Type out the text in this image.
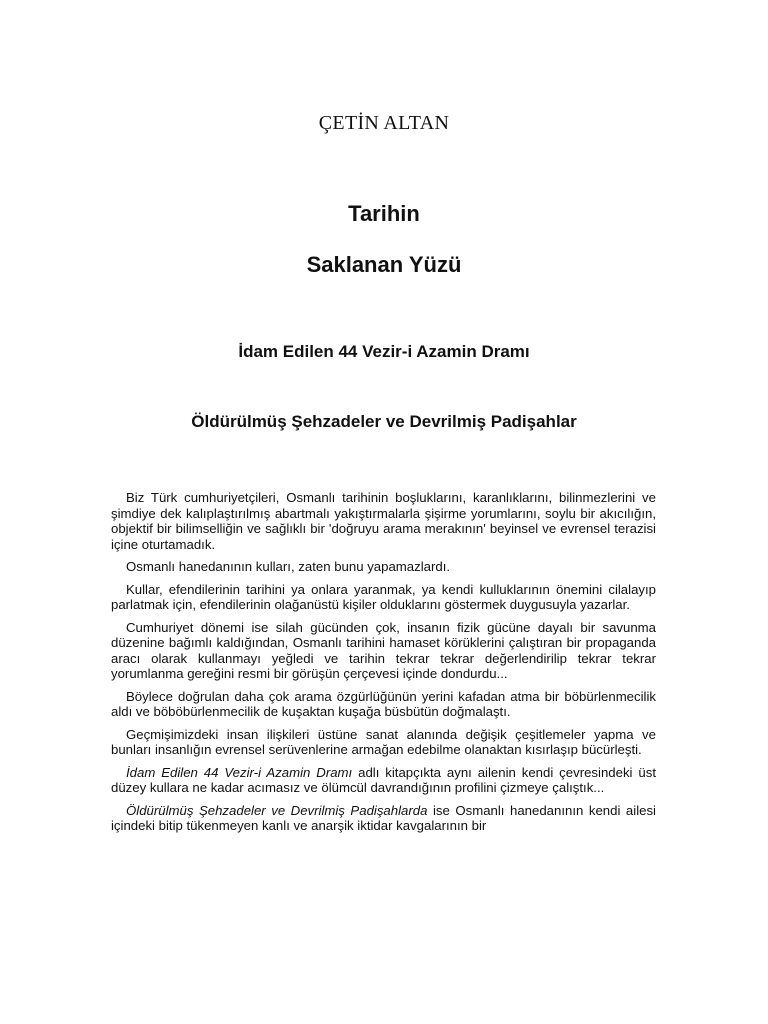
ÇETİN ALTAN
Tarihin
Saklanan Yüzü
İdam Edilen 44 Vezir-i Azamin Dramı
Öldürülmüş Şehzadeler ve Devrilmiş Padişahlar

Biz Türk cumhuriyetçileri, Osmanlı tarihinin boşluklarını, karanlıklarını, bilinmezlerini ve şimdiye dek kalıplaştırılmış abartmalı yakıştırmalarla şişirme yorumlarını, soylu bir akıcılığın, objektif bir bilimselliğin ve sağlıklı bir 'doğruyu arama merakının' beyinsel ve evrensel terazisi içine oturtamadık.

Osmanlı hanedanının kulları, zaten bunu yapamazlardı.

Kullar, efendilerinin tarihini ya onlara yaranmak, ya kendi kulluklarının önemini cilalayıp parlatmak için, efendilerinin olağanüstü kişiler olduklarını göstermek duygusuyla yazarlar.

Cumhuriyet dönemi ise silah gücünden çok, insanın fizik gücüne dayalı bir savunma düzenine bağımlı kaldığından, Osmanlı tarihini hamaset körüklerini çalıştıran bir propaganda aracı olarak kullanmayı yeğledi ve tarihin tekrar tekrar değerlendirilip tekrar tekrar yorumlanma gereğini resmi bir görüşün çerçevesi içinde dondurdu...

Böylece doğrulan daha çok arama özgürlüğünün yerini kafadan atma bir böbürlenmecilik aldı ve böböbürlenmecilik de kuşaktan kuşağa büsbütün doğmalaştı.

Geçmişimizdeki insan ilişkileri üstüne sanat alanında değişik çeşitlemeler yapma ve bunları insanlığın evrensel serüvenlerine armağan edebilme olanaktan kısırlaşıp bücürleşti.

İdam Edilen 44 Vezir-i Azamin Dramı adlı kitapçıkta aynı ailenin kendi çevresindeki üst düzey kullara ne kadar acımasız ve ölümcül davrandığının profilini çizmeye çalıştık...

Öldürülmüş Şehzadeler ve Devrilmiş Padişahlarda ise Osmanlı hanedanının kendi ailesi içindeki bitip tükenmeyen kanlı ve anarşik iktidar kavgalarının bir
